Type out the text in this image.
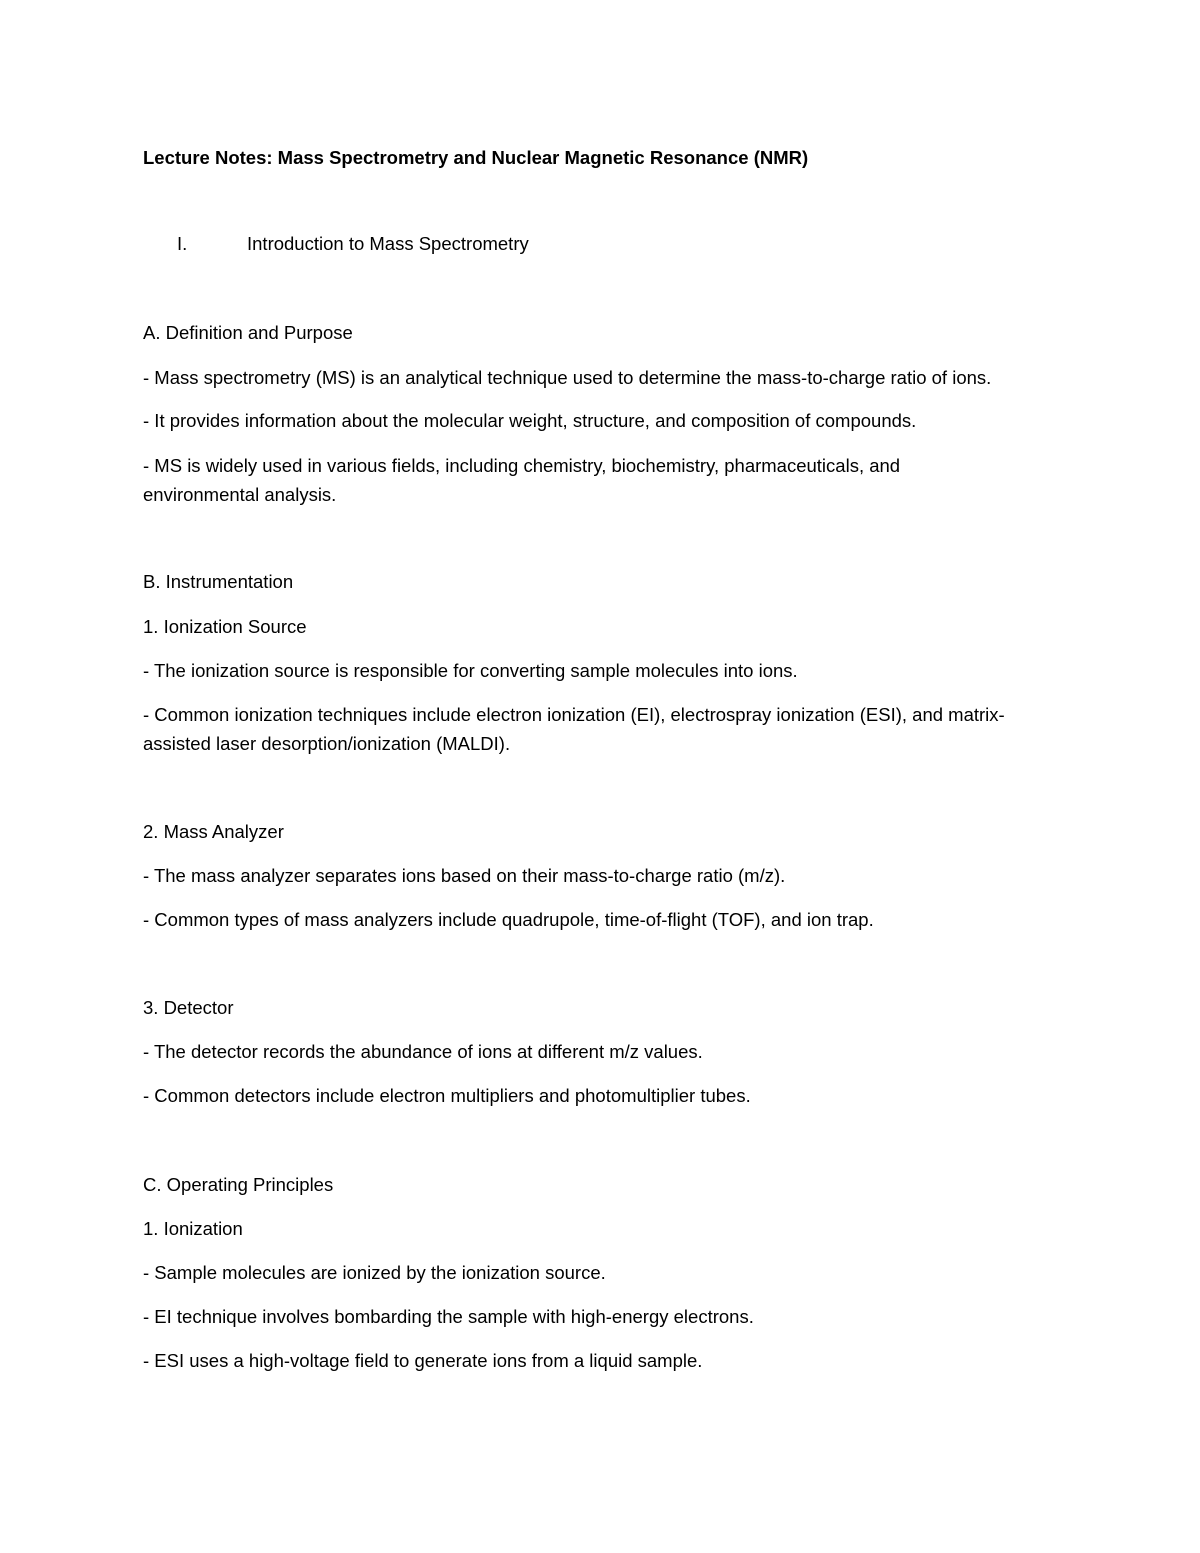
Lecture Notes: Mass Spectrometry and Nuclear Magnetic Resonance (NMR)
I.	Introduction to Mass Spectrometry
A. Definition and Purpose
- Mass spectrometry (MS) is an analytical technique used to determine the mass-to-charge ratio of ions.
- It provides information about the molecular weight, structure, and composition of compounds.
- MS is widely used in various fields, including chemistry, biochemistry, pharmaceuticals, and environmental analysis.
B. Instrumentation
1. Ionization Source
- The ionization source is responsible for converting sample molecules into ions.
- Common ionization techniques include electron ionization (EI), electrospray ionization (ESI), and matrix-assisted laser desorption/ionization (MALDI).
2. Mass Analyzer
- The mass analyzer separates ions based on their mass-to-charge ratio (m/z).
- Common types of mass analyzers include quadrupole, time-of-flight (TOF), and ion trap.
3. Detector
- The detector records the abundance of ions at different m/z values.
- Common detectors include electron multipliers and photomultiplier tubes.
C. Operating Principles
1. Ionization
- Sample molecules are ionized by the ionization source.
- EI technique involves bombarding the sample with high-energy electrons.
- ESI uses a high-voltage field to generate ions from a liquid sample.
